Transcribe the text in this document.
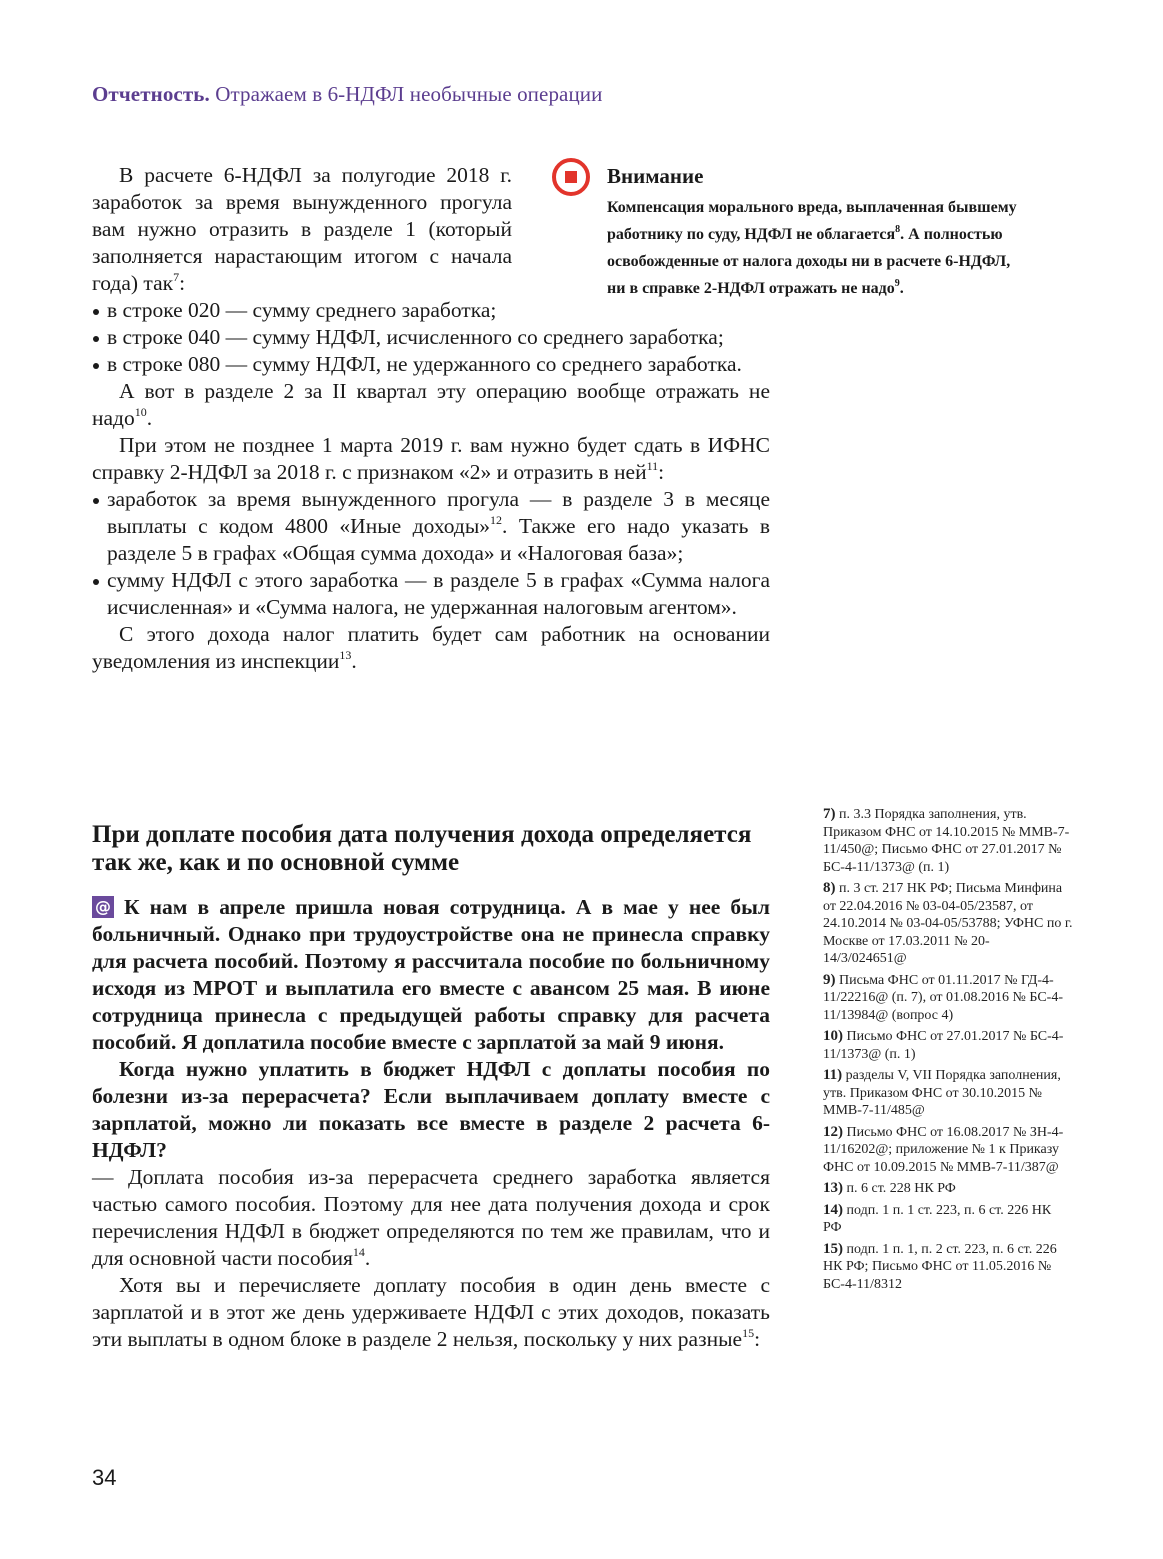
Отчетность. Отражаем в 6-НДФЛ необычные операции

В расчете 6-НДФЛ за полугодие 2018 г. заработок за время вынужденного прогула вам нужно отразить в разделе 1 (который заполняется нарастающим итогом с начала года) так$^7$:

в строке 020 — сумму среднего заработка;

в строке 040 — сумму НДФЛ, исчисленного со среднего заработка;

в строке 080 — сумму НДФЛ, не удержанного со среднего заработка.

А вот в разделе 2 за II квартал эту операцию вообще отражать не надо$^{10}$.

При этом не позднее 1 марта 2019 г. вам нужно будет сдать в ИФНС справку 2-НДФЛ за 2018 г. с признаком «2» и отразить в ней$^{11}$:

заработок за время вынужденного прогула — в разделе 3 в месяце выплаты с кодом 4800 «Иные доходы»$^{12}$. Также его надо указать в разделе 5 в графах «Общая сумма дохода» и «Налоговая база»;

сумму НДФЛ с этого заработка — в разделе 5 в графах «Сумма налога исчисленная» и «Сумма налога, не удержанная налоговым агентом».

С этого дохода налог платить будет сам работник на основании уведомления из инспекции$^{13}$.

Внимание
Компенсация морального вреда, выплаченная бывшему работнику по суду, НДФЛ не облагается$^8$. А полностью освобожденные от налога доходы ни в расчете 6-НДФЛ, ни в справке 2-НДФЛ отражать не надо$^9$.
При доплате пособия дата получения дохода определяется так же, как и по основной сумме

@ К нам в апреле пришла новая сотрудница. А в мае у нее был больничный. Однако при трудоустройстве она не принесла справку для расчета пособий. Поэтому я рассчитала пособие по больничному исходя из МРОТ и выплатила его вместе с авансом 25 мая. В июне сотрудница принесла с предыдущей работы справку для расчета пособий. Я доплатила пособие вместе с зарплатой за май 9 июня.

Когда нужно уплатить в бюджет НДФЛ с доплаты пособия по болезни из-за перерасчета? Если выплачиваем доплату вместе с зарплатой, можно ли показать все вместе в разделе 2 расчета 6-НДФЛ?

— Доплата пособия из-за перерасчета среднего заработка является частью самого пособия. Поэтому для нее дата получения дохода и срок перечисления НДФЛ в бюджет определяются по тем же правилам, что и для основной части пособия$^{14}$.

Хотя вы и перечисляете доплату пособия в один день вместе с зарплатой и в этот же день удерживаете НДФЛ с этих доходов, показать эти выплаты в одном блоке в разделе 2 нельзя, поскольку у них разные$^{15}$:

7) п. 3.3 Порядка заполнения, утв. Приказом ФНС от 14.10.2015 № ММВ-7-11/450@; Письмо ФНС от 27.01.2017 № БС-4-11/1373@ (п. 1)

8) п. 3 ст. 217 НК РФ; Письма Минфина от 22.04.2016 № 03-04-05/23587, от 24.10.2014 № 03-04-05/53788; УФНС по г. Москве от 17.03.2011 № 20-14/3/024651@

9) Письма ФНС от 01.11.2017 № ГД-4-11/22216@ (п. 7), от 01.08.2016 № БС-4-11/13984@ (вопрос 4)

10) Письмо ФНС от 27.01.2017 № БС-4-11/1373@ (п. 1)

11) разделы V, VII Порядка заполнения, утв. Приказом ФНС от 30.10.2015 № ММВ-7-11/485@

12) Письмо ФНС от 16.08.2017 № ЗН-4-11/16202@; приложение № 1 к Приказу ФНС от 10.09.2015 № ММВ-7-11/387@

13) п. 6 ст. 228 НК РФ

14) подп. 1 п. 1 ст. 223, п. 6 ст. 226 НК РФ

15) подп. 1 п. 1, п. 2 ст. 223, п. 6 ст. 226 НК РФ; Письмо ФНС от 11.05.2016 № БС-4-11/8312

34
